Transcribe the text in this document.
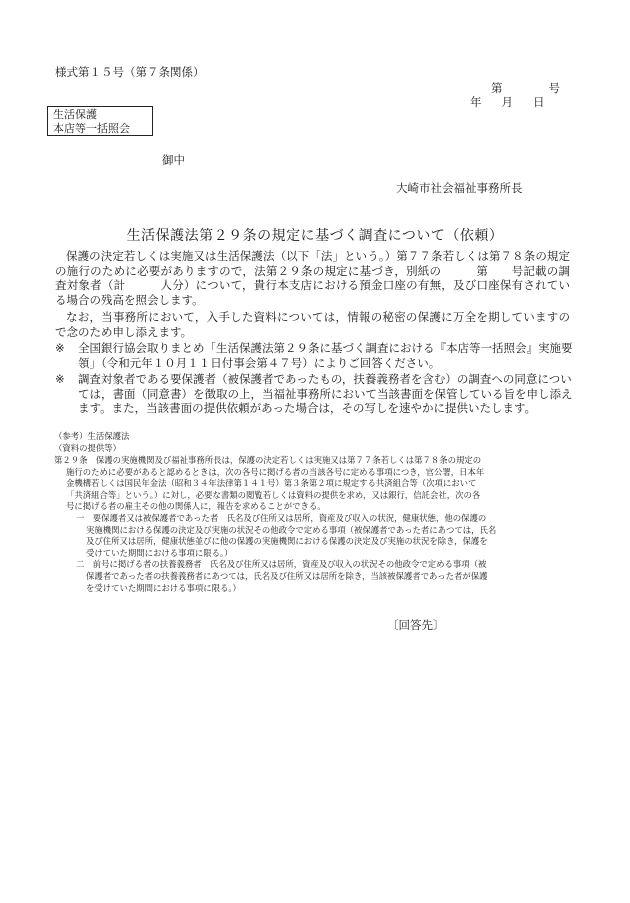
様式第１５号（第７条関係）
第	号
年 月 日
生活保護
本店等一括照会
御中
大崎市社会福祉事務所長
生活保護法第２９条の規定に基づく調査について（依頼）
保護の決定若しくは実施又は生活保護法（以下「法」という。）第７７条若しくは第７８条の規定の施行のために必要がありますので，法第２９条の規定に基づき，別紙の　　　第　　号記載の調査対象者（計　　　人分）について，貴行本支店における預金口座の有無，及び口座保有されている場合の残高を照会します。
なお，当事務所において，入手した資料については，情報の秘密の保護に万全を期していますので念のため申し添えます。
※ 全国銀行協会取りまとめ「生活保護法第２９条に基づく調査における『本店等一括照会』実施要領」（令和元年１０月１１日付事会第４７号）によりご回答ください。
※ 調査対象者である要保護者（被保護者であったもの，扶養義務者を含む）の調査への同意については，書面（同意書）を徴取の上，当福祉事務所において当該書面を保管している旨を申し添えます。また，当該書面の提供依頼があった場合は，その写しを速やかに提供いたします。
（参考）生活保護法
（資料の提供等）
第２９条　保護の実施機関及び福祉事務所長は，保護の決定若しくは実施又は第７７条若しくは第７８条の規定の
施行のために必要があると認めるときは，次の各号に掲げる者の当該各号に定める事項につき，官公署，日本年
金機構若しくは国民年金法（昭和３４年法律第１４１号）第３条第２項に規定する共済組合等（次項において
「共済組合等」という。）に対し，必要な書類の閲覧若しくは資料の提供を求め，又は銀行，信託会社，次の各
号に掲げる者の雇主その他の関係人に，報告を求めることができる。
一　要保護者又は被保護者であった者　氏名及び住所又は居所，資産及び収入の状況，健康状態，他の保護の
実施機関における保護の決定及び実施の状況その他政令で定める事項（被保護者であった者にあつては，氏名
及び住所又は居所，健康状態並びに他の保護の実施機関における保護の決定及び実施の状況を除き，保護を
受けていた期間における事項に限る。）
二　前号に掲げる者の扶養義務者　氏名及び住所又は居所，資産及び収入の状況その他政令で定める事項（被
保護者であった者の扶養義務者にあつては，氏名及び住所又は居所を除き，当該被保護者であった者が保護
を受けていた期間における事項に限る。）
〔回答先〕
